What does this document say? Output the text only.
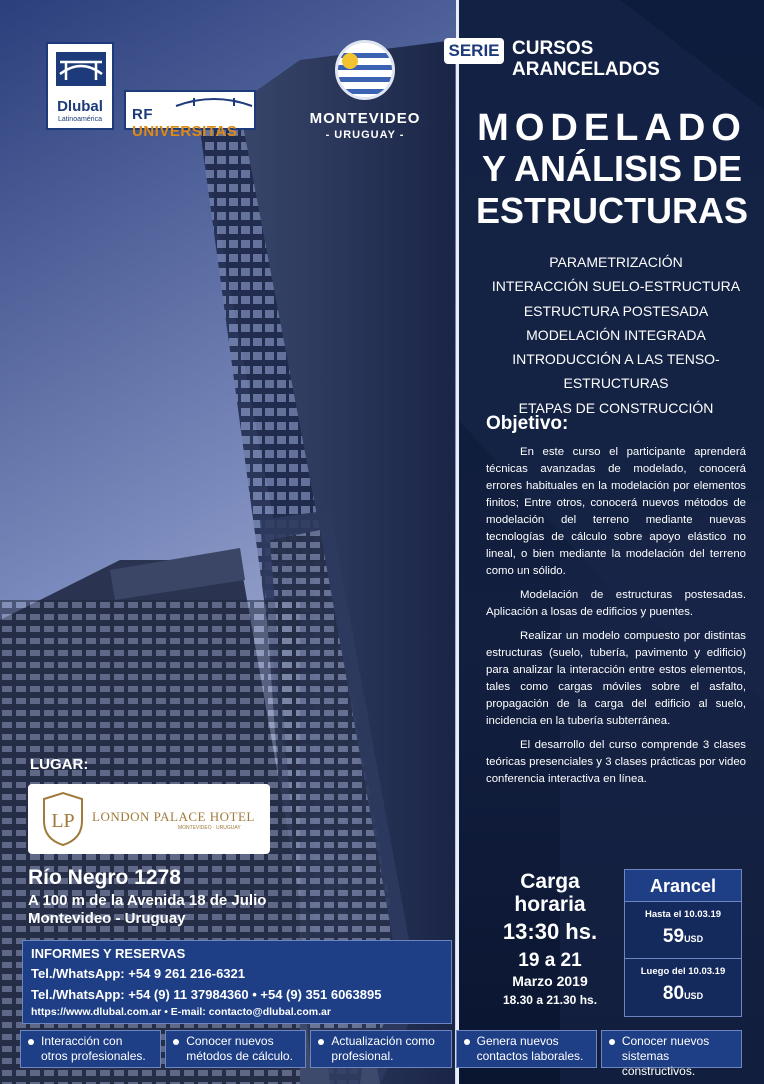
Dlubal
Latinoamérica	RF UNIVERSITAS
MONTEVIDEO
- URUGUAY -
SERIE CURSOS
ARANCELADOS
MODELADO
Y ANÁLISIS DE
ESTRUCTURAS
PARAMETRIZACIÓN
INTERACCIÓN SUELO-ESTRUCTURA
ESTRUCTURA POSTESADA
MODELACIÓN INTEGRADA
INTRODUCCIÓN A LAS TENSO-ESTRUCTURAS
ETAPAS DE CONSTRUCCIÓN
Objetivo:

En este curso el participante aprenderá técnicas avanzadas de modelado, conocerá errores habituales en la modelación por elementos finitos; Entre otros, conocerá nuevos métodos de modelación del terreno mediante nuevas tecnologías de cálculo sobre apoyo elástico no lineal, o bien mediante la modelación del terreno como un sólido.

Modelación de estructuras postesadas. Aplicación a losas de edificios y puentes.

Realizar un modelo compuesto por distintas estructuras (suelo, tubería, pavimento y edificio) para analizar la interacción entre estos elementos, tales como cargas móviles sobre el asfalto, propagación de la carga del edificio al suelo, incidencia en la tubería subterránea.

El desarrollo del curso comprende 3 clases teóricas presenciales y 3 clases prácticas por video conferencia interactiva en línea.

LUGAR:
LP LONDON PALACE HOTEL
MONTEVIDEO · URUGUAY
Río Negro 1278
A 100 m de la Avenida 18 de Julio
Montevideo - Uruguay
INFORMES Y RESERVAS
Tel./WhatsApp: +54 9 261 216-6321
Tel./WhatsApp: +54 (9) 11 37984360 • +54 (9) 351 6063895
https://www.dlubal.com.ar • E-mail: contacto@dlubal.com.ar
Carga
horaria
13:30 hs.
19 a 21
Marzo 2019
18.30 a 21.30 hs.
Arancel
Hasta el 10.03.19
59USD
Luego del 10.03.19
80USD
Interacción con
otros profesionales.
Conocer nuevos
métodos de cálculo.
Actualización como
profesional.
Genera nuevos
contactos laborales.
Conocer nuevos
sistemas constructivos.
